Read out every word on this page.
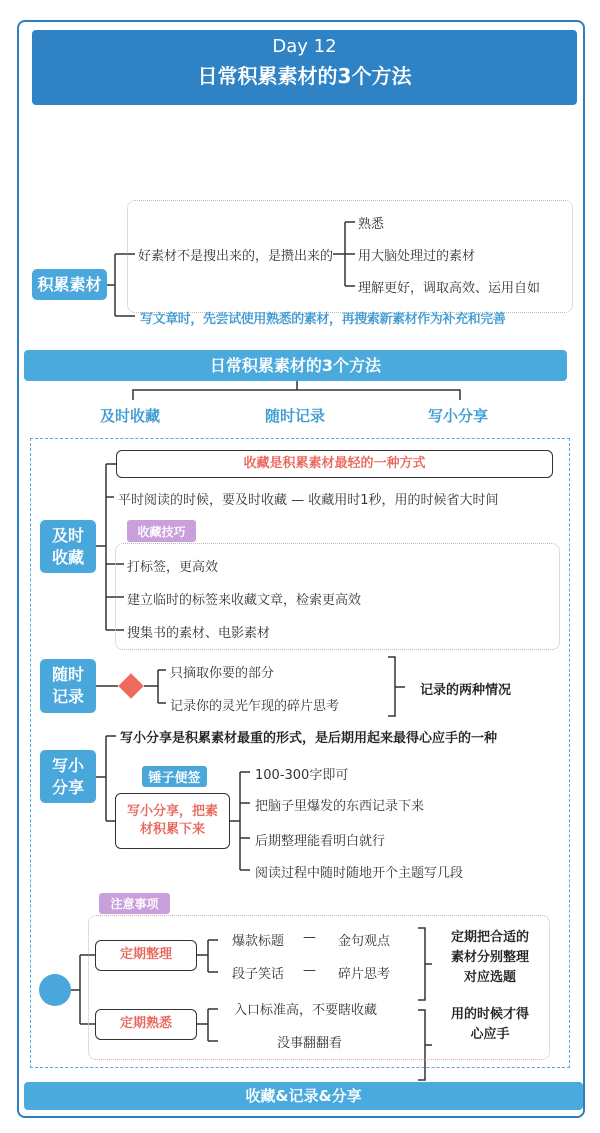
Day 12
日常积累素材的3个方法
积累素材
好素材不是搜出来的，是攒出来的
熟悉
用大脑处理过的素材
理解更好，调取高效、运用自如
写文章时，先尝试使用熟悉的素材，再搜索新素材作为补充和完善
日常积累素材的3个方法
及时收藏	随时记录	写小分享
及时
收藏
收藏是积累素材最轻的一种方式
平时阅读的时候，要及时收藏 — 收藏用时1秒，用的时候省大时间
收藏技巧
打标签，更高效
建立临时的标签来收藏文章，检索更高效
搜集书的素材、电影素材
随时
记录
只摘取你要的部分
记录你的灵光乍现的碎片思考
记录的两种情况
写小
分享
写小分享是积累素材最重的形式，是后期用起来最得心应手的一种
锤子便签
写小分享，把素
材积累下来
100-300字即可
把脑子里爆发的东西记录下来
后期整理能看明白就行
阅读过程中随时随地开个主题写几段
注意事项
定期整理
爆款标题 — 金句观点
段子笑话 — 碎片思考
定期把合适的
素材分别整理
对应选题
定期熟悉
入口标准高，不要瞎收藏
没事翻翻看
用的时候才得
心应手
收藏&记录&分享
